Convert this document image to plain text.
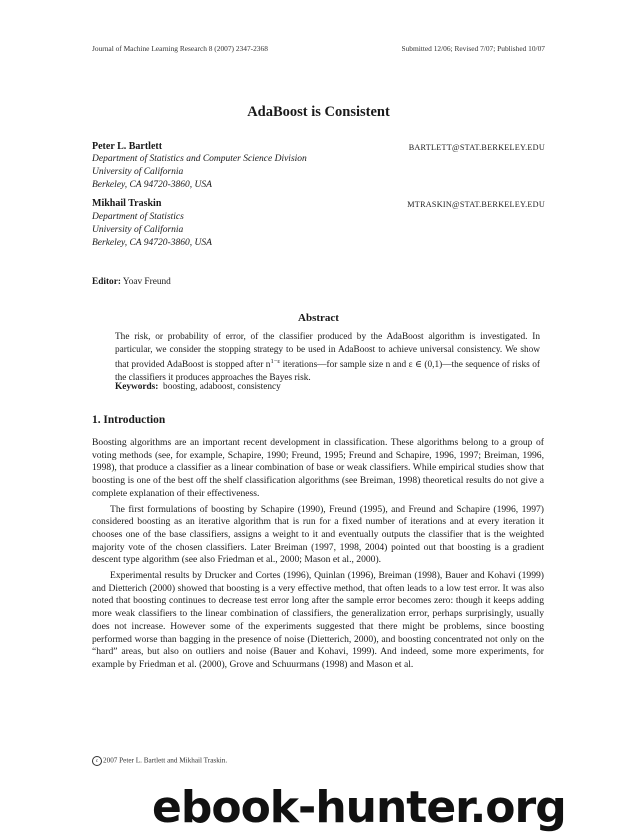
Journal of Machine Learning Research 8 (2007) 2347-2368	Submitted 12/06; Revised 7/07; Published 10/07
AdaBoost is Consistent
Peter L. Bartlett	BARTLETT@STAT.BERKELEY.EDU
Department of Statistics and Computer Science Division
University of California
Berkeley, CA 94720-3860, USA
Mikhail Traskin	MTRASKIN@STAT.BERKELEY.EDU
Department of Statistics
University of California
Berkeley, CA 94720-3860, USA
Editor: Yoav Freund
Abstract
The risk, or probability of error, of the classifier produced by the AdaBoost algorithm is investigated. In particular, we consider the stopping strategy to be used in AdaBoost to achieve universal consistency. We show that provided AdaBoost is stopped after $n^{1-\varepsilon}$ iterations—for sample size n and ε ∈ (0,1)—the sequence of risks of the classifiers it produces approaches the Bayes risk.
Keywords: boosting, adaboost, consistency
1. Introduction

Boosting algorithms are an important recent development in classification. These algorithms belong to a group of voting methods (see, for example, Schapire, 1990; Freund, 1995; Freund and Schapire, 1996, 1997; Breiman, 1996, 1998), that produce a classifier as a linear combination of base or weak classifiers. While empirical studies show that boosting is one of the best off the shelf classification algorithms (see Breiman, 1998) theoretical results do not give a complete explanation of their effectiveness.

The first formulations of boosting by Schapire (1990), Freund (1995), and Freund and Schapire (1996, 1997) considered boosting as an iterative algorithm that is run for a fixed number of iterations and at every iteration it chooses one of the base classifiers, assigns a weight to it and eventually outputs the classifier that is the weighted majority vote of the chosen classifiers. Later Breiman (1997, 1998, 2004) pointed out that boosting is a gradient descent type algorithm (see also Friedman et al., 2000; Mason et al., 2000).

Experimental results by Drucker and Cortes (1996), Quinlan (1996), Breiman (1998), Bauer and Kohavi (1999) and Dietterich (2000) showed that boosting is a very effective method, that often leads to a low test error. It was also noted that boosting continues to decrease test error long after the sample error becomes zero: though it keeps adding more weak classifiers to the linear combination of classifiers, the generalization error, perhaps surprisingly, usually does not increase. However some of the experiments suggested that there might be problems, since boosting performed worse than bagging in the presence of noise (Dietterich, 2000), and boosting concentrated not only on the “hard” areas, but also on outliers and noise (Bauer and Kohavi, 1999). And indeed, some more experiments, for example by Friedman et al. (2000), Grove and Schuurmans (1998) and Mason et al.

c 2007 Peter L. Bartlett and Mikhail Traskin.
ebook-hunter.org
